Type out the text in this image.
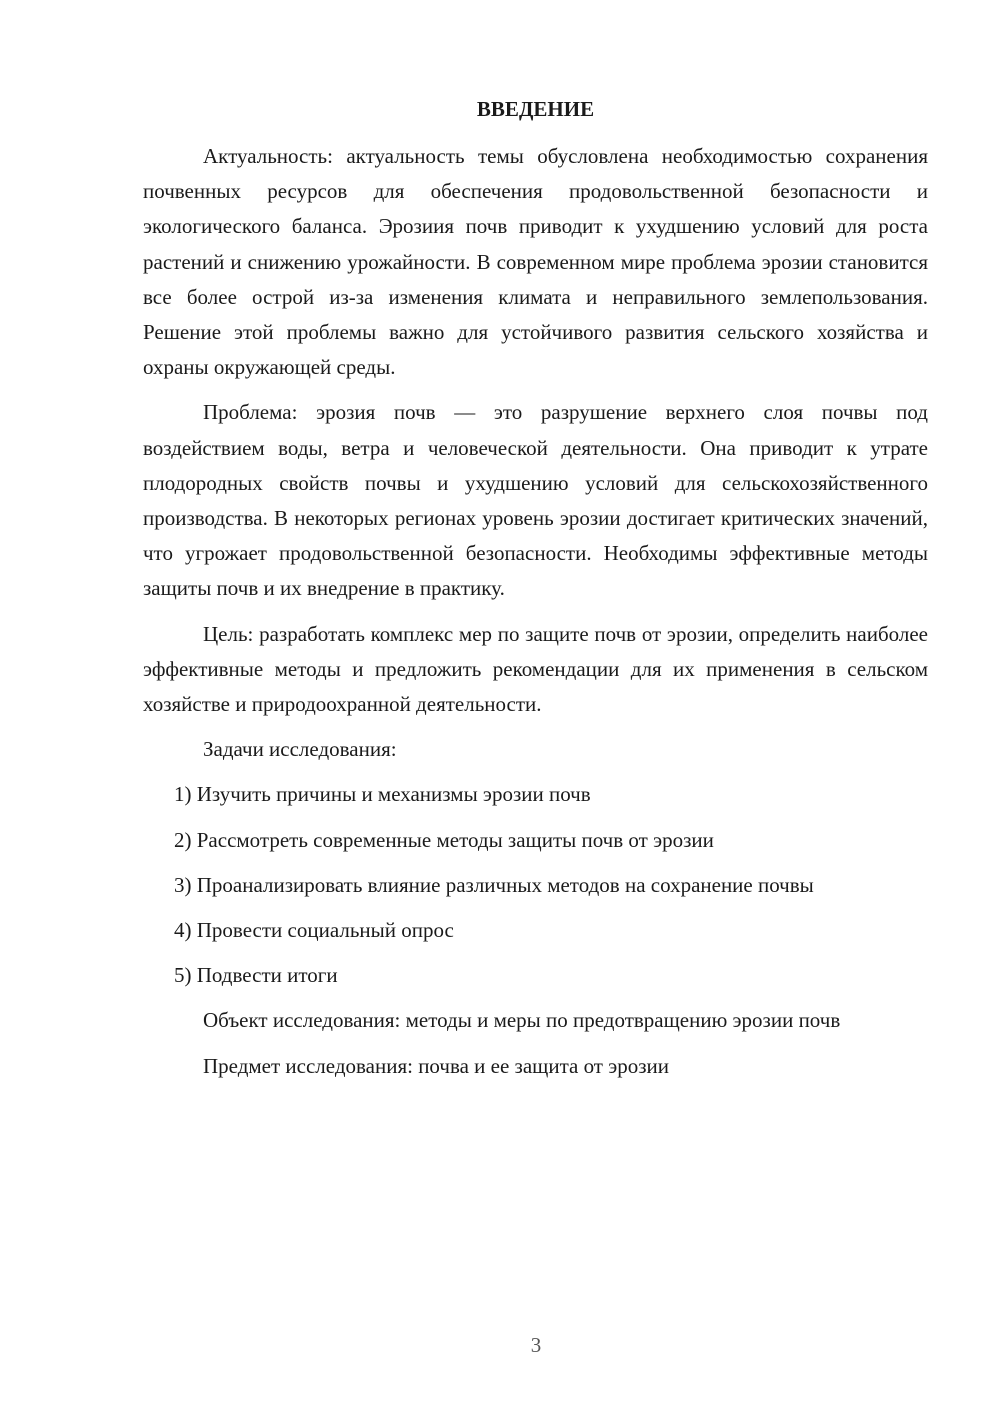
ВВЕДЕНИЕ

Актуальность: актуальность темы обусловлена необходимостью сохранения почвенных ресурсов для обеспечения продовольственной безопасности и экологического баланса. Эрозиия почв приводит к ухудшению условий для роста растений и снижению урожайности. В современном мире проблема эрозии становится все более острой из-за изменения климата и неправильного землепользования. Решение этой проблемы важно для устойчивого развития сельского хозяйства и охраны окружающей среды.

Проблема: эрозия почв — это разрушение верхнего слоя почвы под воздействием воды, ветра и человеческой деятельности. Она приводит к утрате плодородных свойств почвы и ухудшению условий для сельскохозяйственного производства. В некоторых регионах уровень эрозии достигает критических значений, что угрожает продовольственной безопасности. Необходимы эффективные методы защиты почв и их внедрение в практику.

Цель: разработать комплекс мер по защите почв от эрозии, определить наиболее эффективные методы и предложить рекомендации для их применения в сельском хозяйстве и природоохранной деятельности.

Задачи исследования:

1) Изучить причины и механизмы эрозии почв

2) Рассмотреть современные методы защиты почв от эрозии

3) Проанализировать влияние различных методов на сохранение почвы

4) Провести социальный опрос

5) Подвести итоги

Объект исследования: методы и меры по предотвращению эрозии почв

Предмет исследования: почва и ее защита от эрозии

3
